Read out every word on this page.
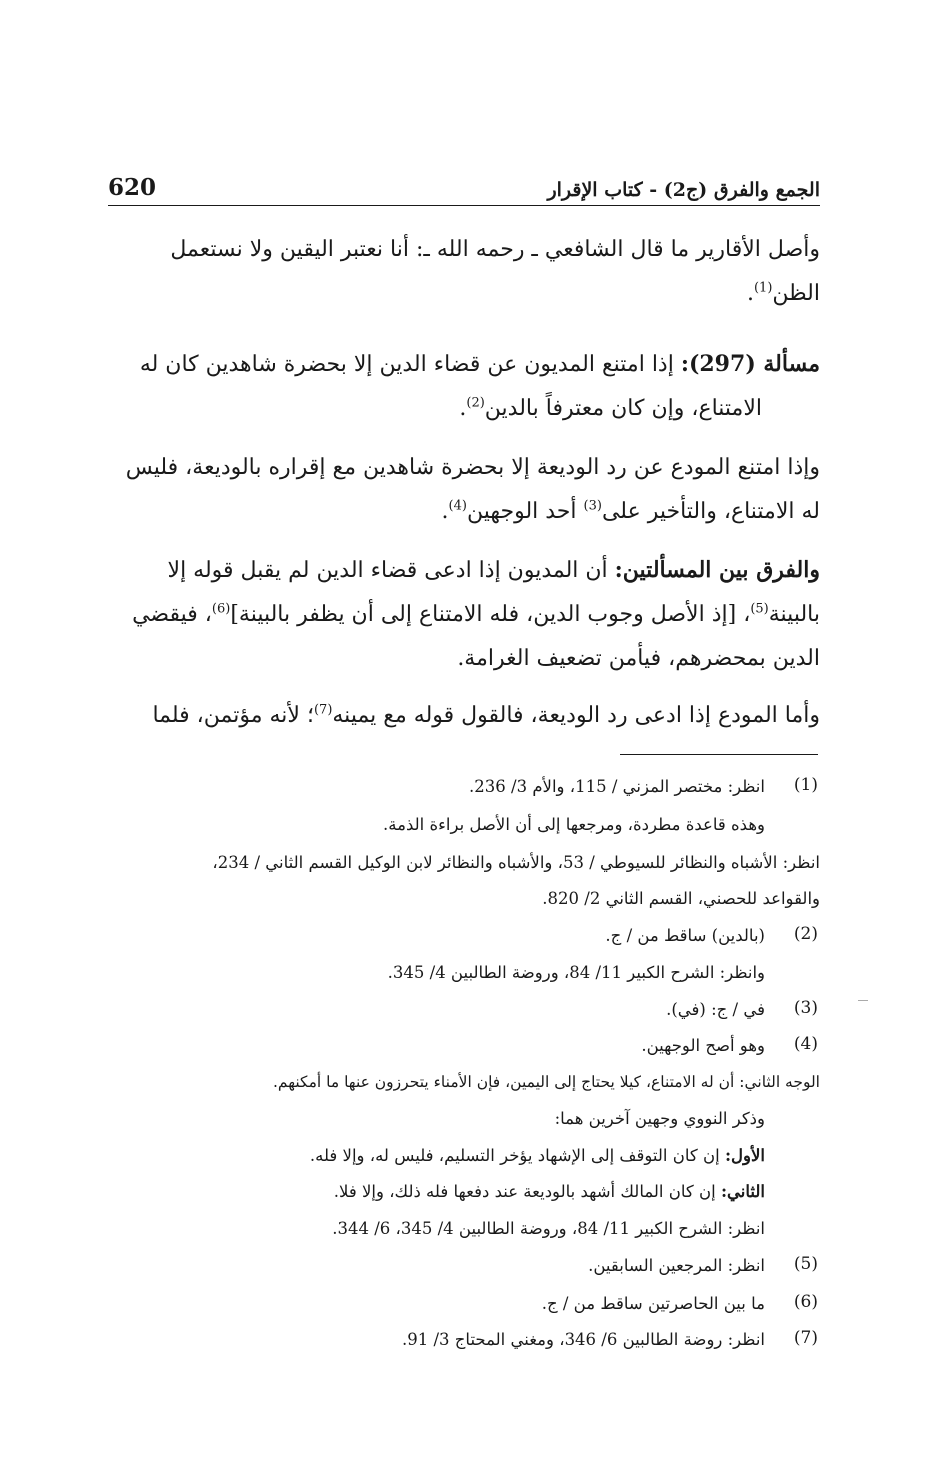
620	الجمع والفرق (ج2) - كتاب الإقرار
وأصل الأقارير ما قال الشافعي ـ رحمه الله ـ: أنا نعتبر اليقين ولا نستعمل
الظن$^{(1)}$.
مسألة (297): إذا امتنع المديون عن قضاء الدين إلا بحضرة شاهدين كان له
الامتناع، وإن كان معترفاً بالدين$^{(2)}$.
وإذا امتنع المودع عن رد الوديعة إلا بحضرة شاهدين مع إقراره بالوديعة، فليس
له الامتناع، والتأخير على$^{(3)}$ أحد الوجهين$^{(4)}$.
والفرق بين المسألتين: أن المديون إذا ادعى قضاء الدين لم يقبل قوله إلا
بالبينة$^{(5)}$، [إذ الأصل وجوب الدين، فله الامتناع إلى أن يظفر بالبينة]$^{(6)}$، فيقضي
الدين بمحضرهم، فيأمن تضعيف الغرامة.
وأما المودع إذا ادعى رد الوديعة، فالقول قوله مع يمينه$^{(7)}$؛ لأنه مؤتمن، فلما
(1)
انظر: مختصر المزني / 115، والأم 3/ 236.
وهذه قاعدة مطردة، ومرجعها إلى أن الأصل براءة الذمة.
انظر: الأشباه والنظائر للسيوطي / 53، والأشباه والنظائر لابن الوكيل القسم الثاني / 234،
والقواعد للحصني، القسم الثاني 2/ 820.
(2)
(بالدين) ساقط من / ج.
وانظر: الشرح الكبير 11/ 84، وروضة الطالبين 4/ 345.
(3)
في / ج: (في).
(4)
وهو أصح الوجهين.
الوجه الثاني: أن له الامتناع، كيلا يحتاج إلى اليمين، فإن الأمناء يتحرزون عنها ما أمكنهم.
وذكر النووي وجهين آخرين هما:
الأول: إن كان التوقف إلى الإشهاد يؤخر التسليم، فليس له، وإلا فله.
الثاني: إن كان المالك أشهد بالوديعة عند دفعها فله ذلك، وإلا فلا.
انظر: الشرح الكبير 11/ 84، وروضة الطالبين 4/ 345، 6/ 344.
(5)
انظر: المرجعين السابقين.
(6)
ما بين الحاصرتين ساقط من / ج.
(7)
انظر: روضة الطالبين 6/ 346، ومغني المحتاج 3/ 91.
